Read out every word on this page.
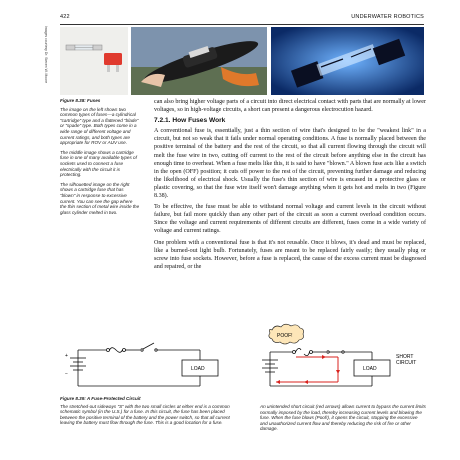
422	UNDERWATER ROBOTICS
Images courtesy Dr. Steven W. Moore
Figure 8.38: Fuses

The image on the left shows two common types of fuses—a cylindrical "cartridge" type and a flattened "blade" or "spade" type. Both types come in a wide range of different voltage and current ratings, and both types are appropriate for ROV or AUV use.

The middle image shows a cartridge fuse in one of many available types of sockets used to connect a fuse electrically with the circuit it is protecting.

The silhouetted image on the right shows a cartridge fuse that has "blown" in response to excessive current. You can see the gap where the thin section of metal wire inside the glass cylinder melted in two.

can also bring higher voltage parts of a circuit into direct electrical contact with parts that are normally at lower voltages, so in high-voltage circuits, a short can present a dangerous electrocution hazard.

7.2.1. How Fuses Work

A conventional fuse is, essentially, just a thin section of wire that's designed to be the "weakest link" in a circuit, but not so weak that it fails under normal operating conditions. A fuse is normally placed between the positive terminal of the battery and the rest of the circuit, so that all current flowing through the circuit will melt the fuse wire in two, cutting off current to the rest of the circuit before anything else in the circuit has enough time to overheat. When a fuse melts like this, it is said to have "blown." A blown fuse acts like a switch in the open (OFF) position; it cuts off power to the rest of the circuit, preventing further damage and reducing the likelihood of electrical shock. Usually the fuse's thin section of wire is encased in a protective glass or plastic covering, so that the fuse wire itself won't damage anything when it gets hot and melts in two (Figure 8.38).

To be effective, the fuse must be able to withstand normal voltage and current levels in the circuit without failure, but fail more quickly than any other part of the circuit as soon a current overload condition occurs. Since the voltage and current requirements of different circuits are different, fuses come in a wide variety of voltage and current ratings.

One problem with a conventional fuse is that it's not reusable. Once it blows, it's dead and must be replaced, like a burned-out light bulb. Fortunately, fuses are meant to be replaced fairly easily; they usually plug or screw into fuse sockets. However, before a fuse is replaced, the cause of the excess current must be diagnosed and repaired, or the

+
−
LOAD
POOF!
LOAD
SHORT
CIRCUIT
Figure 8.39: A Fuse-Protected Circuit
The stretched-out sideways "S" with the two small circles at either end is a common schematic symbol (in the U.S.) for a fuse. In this circuit, the fuse has been placed between the positive terminal of the battery and the power switch, so that all current leaving the battery must flow through the fuse. This is a good location for a fuse.
An unintended short circuit (red arrows) allows current to bypass the current limits normally imposed by the load, thereby increasing current levels and blowing the fuse. When the fuse blows (Poof!), it opens the circuit, stopping the excessive and unauthorized current flow and thereby reducing the risk of fire or other damage.
